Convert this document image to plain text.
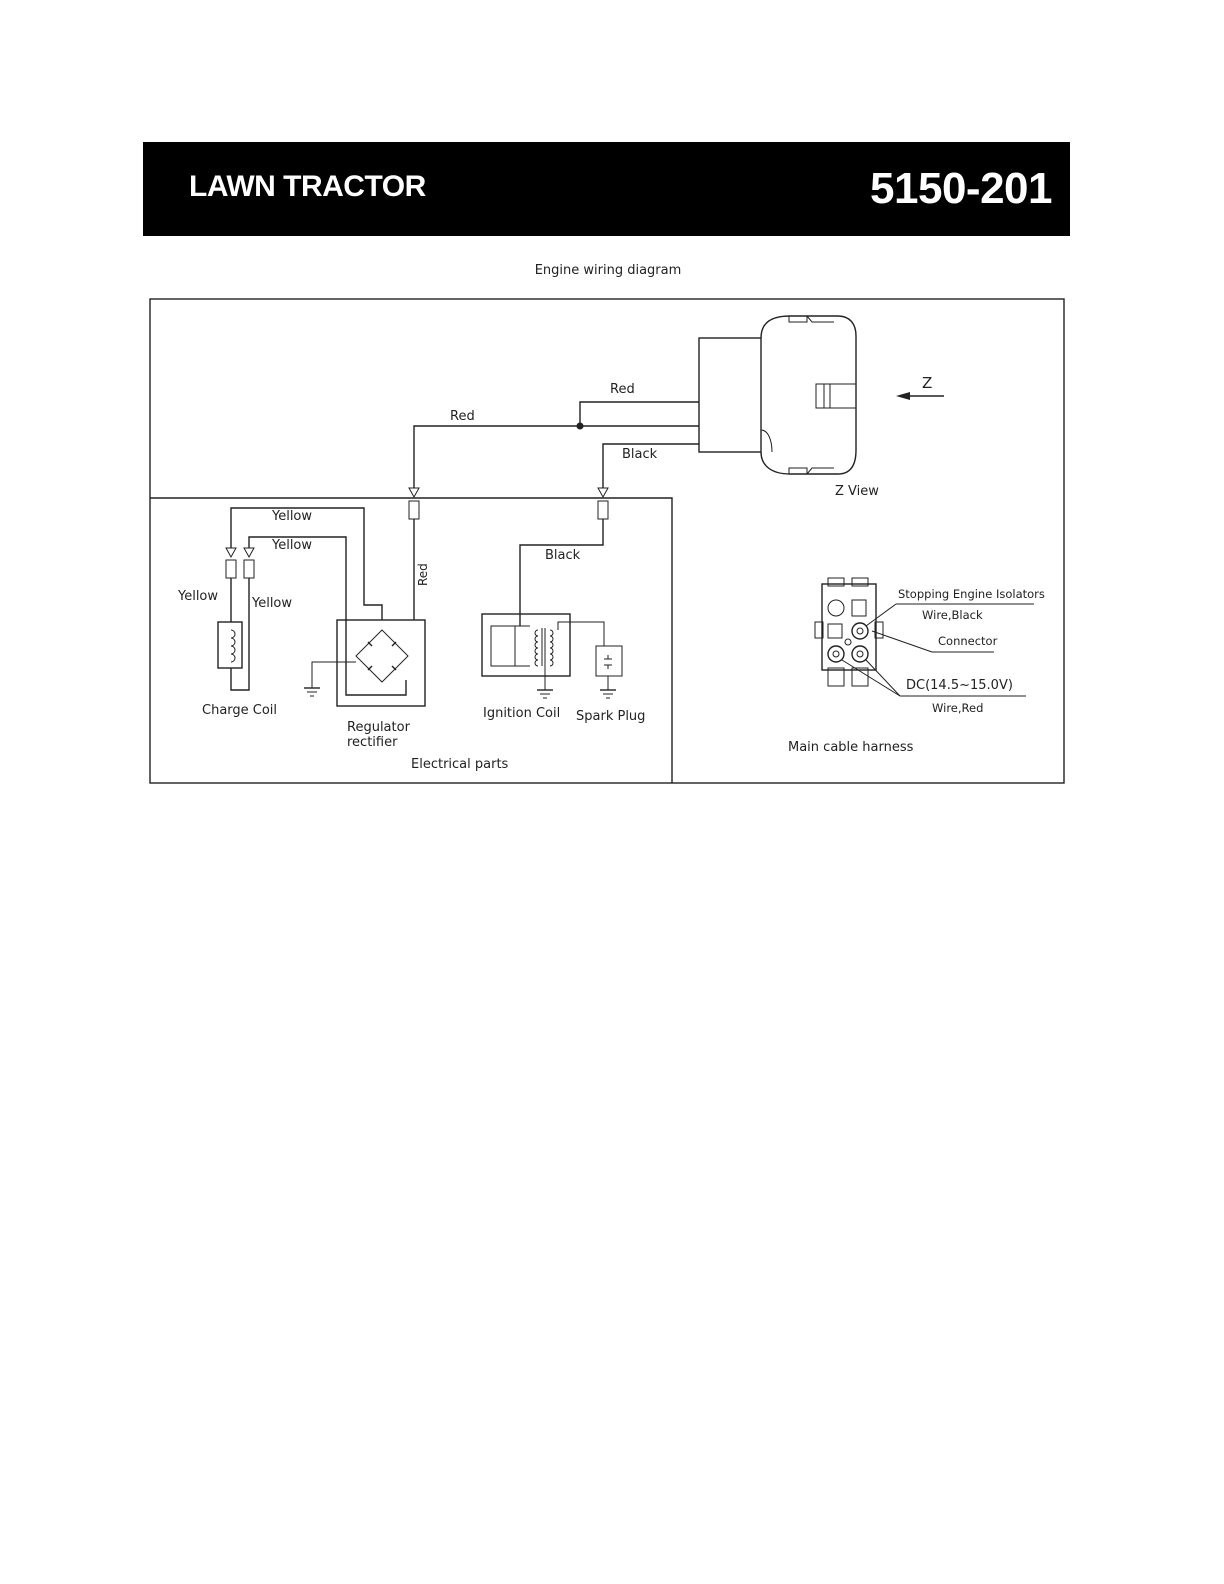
LAWN TRACTOR	5150-201
Engine wiring diagram
Z
Z View
Red
Red
Black
Red
Black
Yellow
Yellow
Yellow	Yellow
Charge Coil
Regulator
rectifier
Ignition Coil Spark Plug
Electrical parts
Stopping Engine Isolators
Wire,Black
Connector
DC(14.5~15.0V)
Wire,Red
Main cable harness
